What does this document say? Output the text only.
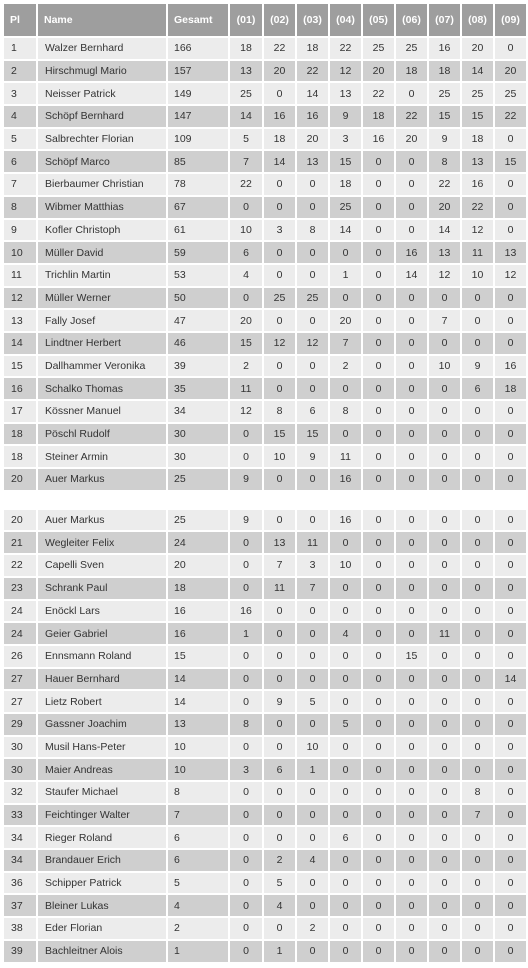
Pl	Name	Gesamt	(01)	(02)	(03)	(04)	(05)	(06)	(07)	(08)	(09)
1	Walzer Bernhard	166	18	22	18	22	25	25	16	20	0
2	Hirschmugl Mario	157	13	20	22	12	20	18	18	14	20
3	Neisser Patrick	149	25	0	14	13	22	0	25	25	25
4	Schöpf Bernhard	147	14	16	16	9	18	22	15	15	22
5	Salbrechter Florian	109	5	18	20	3	16	20	9	18	0
6	Schöpf Marco	85	7	14	13	15	0	0	8	13	15
7	Bierbaumer Christian	78	22	0	0	18	0	0	22	16	0
8	Wibmer Matthias	67	0	0	0	25	0	0	20	22	0
9	Kofler Christoph	61	10	3	8	14	0	0	14	12	0
10	Müller David	59	6	0	0	0	0	16	13	11	13
11	Trichlin Martin	53	4	0	0	1	0	14	12	10	12
12	Müller Werner	50	0	25	25	0	0	0	0	0	0
13	Fally Josef	47	20	0	0	20	0	0	7	0	0
14	Lindtner Herbert	46	15	12	12	7	0	0	0	0	0
15	Dallhammer Veronika	39	2	0	0	2	0	0	10	9	16
16	Schalko Thomas	35	11	0	0	0	0	0	0	6	18
17	Kössner Manuel	34	12	8	6	8	0	0	0	0	0
18	Pöschl Rudolf	30	0	15	15	0	0	0	0	0	0
18	Steiner Armin	30	0	10	9	11	0	0	0	0	0
20	Auer Markus	25	9	0	0	16	0	0	0	0	0
20	Auer Markus	25	9	0	0	16	0	0	0	0	0
21	Wegleiter Felix	24	0	13	11	0	0	0	0	0	0
22	Capelli Sven	20	0	7	3	10	0	0	0	0	0
23	Schrank Paul	18	0	11	7	0	0	0	0	0	0
24	Enöckl Lars	16	16	0	0	0	0	0	0	0	0
24	Geier Gabriel	16	1	0	0	4	0	0	11	0	0
26	Ennsmann Roland	15	0	0	0	0	0	15	0	0	0
27	Hauer Bernhard	14	0	0	0	0	0	0	0	0	14
27	Lietz Robert	14	0	9	5	0	0	0	0	0	0
29	Gassner Joachim	13	8	0	0	5	0	0	0	0	0
30	Musil Hans-Peter	10	0	0	10	0	0	0	0	0	0
30	Maier Andreas	10	3	6	1	0	0	0	0	0	0
32	Staufer Michael	8	0	0	0	0	0	0	0	8	0
33	Feichtinger Walter	7	0	0	0	0	0	0	0	7	0
34	Rieger Roland	6	0	0	0	6	0	0	0	0	0
34	Brandauer Erich	6	0	2	4	0	0	0	0	0	0
36	Schipper Patrick	5	0	5	0	0	0	0	0	0	0
37	Bleiner Lukas	4	0	4	0	0	0	0	0	0	0
38	Eder Florian	2	0	0	2	0	0	0	0	0	0
39	Bachleitner Alois	1	0	1	0	0	0	0	0	0	0
